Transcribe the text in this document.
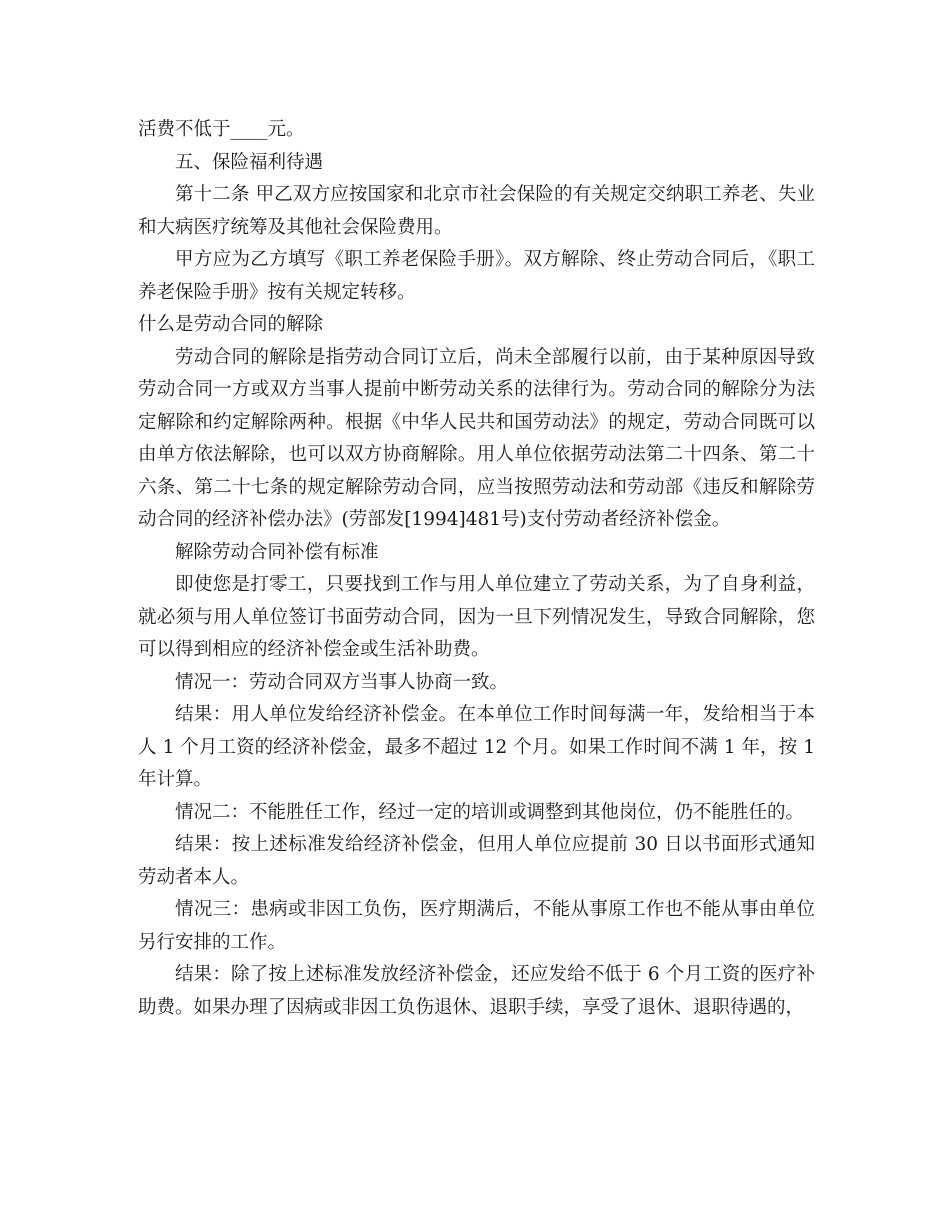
活费不低于____元。

五、保险福利待遇

第十二条 甲乙双方应按国家和北京市社会保险的有关规定交纳职工养老、失业和大病医疗统筹及其他社会保险费用。

甲方应为乙方填写《职工养老保险手册》。双方解除、终止劳动合同后，《职工养老保险手册》按有关规定转移。

什么是劳动合同的解除

劳动合同的解除是指劳动合同订立后，尚未全部履行以前，由于某种原因导致劳动合同一方或双方当事人提前中断劳动关系的法律行为。劳动合同的解除分为法定解除和约定解除两种。根据《中华人民共和国劳动法》的规定，劳动合同既可以由单方依法解除，也可以双方协商解除。用人单位依据劳动法第二十四条、第二十六条、第二十七条的规定解除劳动合同，应当按照劳动法和劳动部《违反和解除劳动合同的经济补偿办法》(劳部发[1994]481号)支付劳动者经济补偿金。

解除劳动合同补偿有标准

即使您是打零工，只要找到工作与用人单位建立了劳动关系，为了自身利益，就必须与用人单位签订书面劳动合同，因为一旦下列情况发生，导致合同解除，您可以得到相应的经济补偿金或生活补助费。

情况一：劳动合同双方当事人协商一致。

结果：用人单位发给经济补偿金。在本单位工作时间每满一年，发给相当于本人 1 个月工资的经济补偿金，最多不超过 12 个月。如果工作时间不满 1 年，按 1 年计算。

情况二：不能胜任工作，经过一定的培训或调整到其他岗位，仍不能胜任的。

结果：按上述标准发给经济补偿金，但用人单位应提前 30 日以书面形式通知劳动者本人。

情况三：患病或非因工负伤，医疗期满后，不能从事原工作也不能从事由单位另行安排的工作。

结果：除了按上述标准发放经济补偿金，还应发给不低于 6 个月工资的医疗补助费。如果办理了因病或非因工负伤退休、退职手续，享受了退休、退职待遇的，
